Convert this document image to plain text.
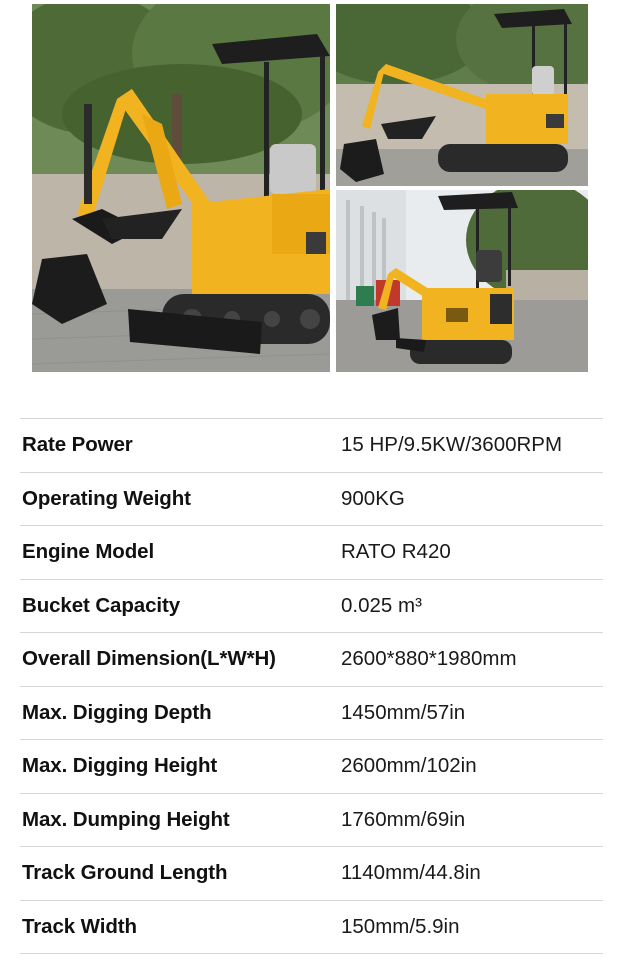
Rate Power	15 HP/9.5KW/3600RPM
Operating Weight	900KG
Engine Model	RATO R420
Bucket Capacity	0.025 m³
Overall Dimension(L*W*H)	2600*880*1980mm
Max. Digging Depth	1450mm/57in
Max. Digging Height	2600mm/102in
Max. Dumping Height	1760mm/69in
Track Ground Length	1140mm/44.8in
Track Width	150mm/5.9in
